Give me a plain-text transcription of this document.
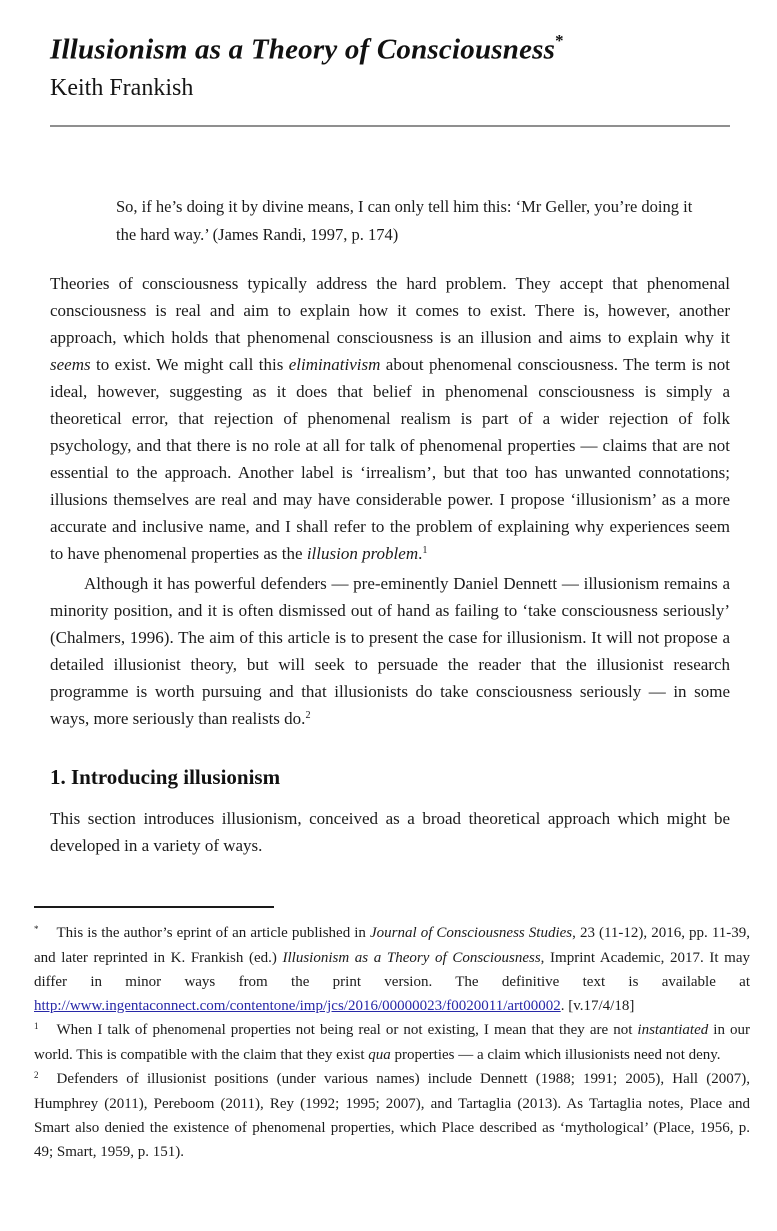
Illusionism as a Theory of Consciousness*
Keith Frankish
So, if he’s doing it by divine means, I can only tell him this: ‘Mr Geller, you’re doing it the hard way.’ (James Randi, 1997, p. 174)

Theories of consciousness typically address the hard problem. They accept that phenomenal consciousness is real and aim to explain how it comes to exist. There is, however, another approach, which holds that phenomenal consciousness is an illusion and aims to explain why it seems to exist. We might call this eliminativism about phenomenal consciousness. The term is not ideal, however, suggesting as it does that belief in phenomenal consciousness is simply a theoretical error, that rejection of phenomenal realism is part of a wider rejection of folk psychology, and that there is no role at all for talk of phenomenal properties — claims that are not essential to the approach. Another label is ‘irrealism’, but that too has unwanted connotations; illusions themselves are real and may have considerable power. I propose ‘illusionism’ as a more accurate and inclusive name, and I shall refer to the problem of explaining why experiences seem to have phenomenal properties as the illusion problem.$^1$

Although it has powerful defenders — pre-eminently Daniel Dennett — illusionism remains a minority position, and it is often dismissed out of hand as failing to ‘take consciousness seriously’ (Chalmers, 1996). The aim of this article is to present the case for illusionism. It will not propose a detailed illusionist theory, but will seek to persuade the reader that the illusionist research programme is worth pursuing and that illusionists do take consciousness seriously — in some ways, more seriously than realists do.$^2$

1. Introducing illusionism

This section introduces illusionism, conceived as a broad theoretical approach which might be developed in a variety of ways.

* This is the author’s eprint of an article published in Journal of Consciousness Studies, 23 (11-12), 2016, pp. 11-39, and later reprinted in K. Frankish (ed.) Illusionism as a Theory of Consciousness, Imprint Academic, 2017. It may differ in minor ways from the print version. The definitive text is available at http://www.ingentaconnect.com/contentone/imp/jcs/2016/00000023/f0020011/art00002. [v.17/4/18]

$^1$ When I talk of phenomenal properties not being real or not existing, I mean that they are not instantiated in our world. This is compatible with the claim that they exist qua properties — a claim which illusionists need not deny.

$^2$ Defenders of illusionist positions (under various names) include Dennett (1988; 1991; 2005), Hall (2007), Humphrey (2011), Pereboom (2011), Rey (1992; 1995; 2007), and Tartaglia (2013). As Tartaglia notes, Place and Smart also denied the existence of phenomenal properties, which Place described as ‘mythological’ (Place, 1956, p. 49; Smart, 1959, p. 151).
